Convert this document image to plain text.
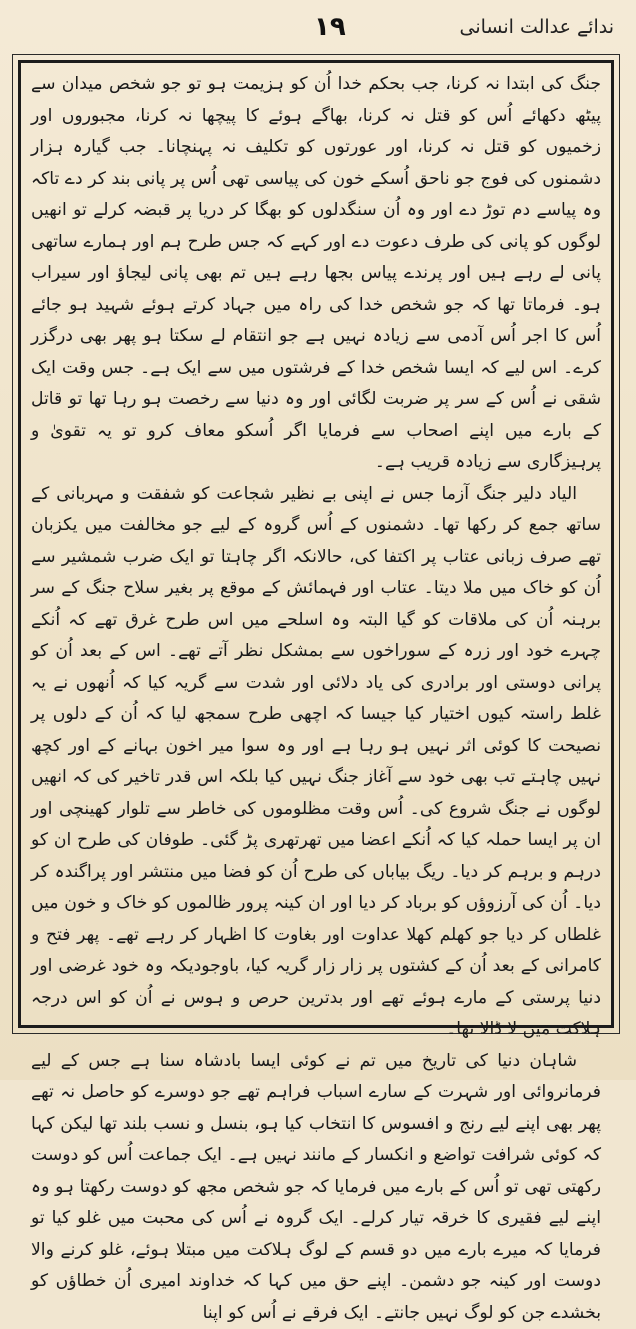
ندائے عدالت انسانی
١٩

جنگ کی ابتدا نہ کرنا، جب بحکم خدا اُن کو ہزیمت ہو تو جو شخص میدان سے پیٹھ دکھائے اُس کو قتل نہ کرنا، بھاگے ہوئے کا پیچھا نہ کرنا، مجبوروں اور زخمیوں کو قتل نہ کرنا، اور عورتوں کو تکلیف نہ پہنچانا۔ جب گیارہ ہزار دشمنوں کی فوج جو ناحق اُسکے خون کی پیاسی تھی اُس پر پانی بند کر دے تاکہ وہ پیاسے دم توڑ دے اور وہ اُن سنگدلوں کو بھگا کر دریا پر قبضہ کرلے تو انھیں لوگوں کو پانی کی طرف دعوت دے اور کہے کہ جس طرح ہم اور ہمارے ساتھی پانی لے رہے ہیں اور پرندے پیاس بجھا رہے ہیں تم بھی پانی لیجاؤ اور سیراب ہو۔ فرماتا تھا کہ جو شخص خدا کی راہ میں جہاد کرتے ہوئے شہید ہو جائے اُس کا اجر اُس آدمی سے زیادہ نہیں ہے جو انتقام لے سکتا ہو پھر بھی درگزر کرے۔ اس لیے کہ ایسا شخص خدا کے فرشتوں میں سے ایک ہے۔ جس وقت ایک شقی نے اُس کے سر پر ضربت لگائی اور وہ دنیا سے رخصت ہو رہا تھا تو قاتل کے بارے میں اپنے اصحاب سے فرمایا اگر اُسکو معاف کرو تو یہ تقویٰ و پرہیزگاری سے زیادہ قریب ہے۔

الیاد دلیر جنگ آزما جس نے اپنی بے نظیر شجاعت کو شفقت و مہربانی کے ساتھ جمع کر رکھا تھا۔ دشمنوں کے اُس گروہ کے لیے جو مخالفت میں یکزبان تھے صرف زبانی عتاب پر اکتفا کی، حالانکہ اگر چاہتا تو ایک ضرب شمشیر سے اُن کو خاک میں ملا دیتا۔ عتاب اور فہمائش کے موقع پر بغیر سلاح جنگ کے سر برہنہ اُن کی ملاقات کو گیا البتہ وہ اسلحے میں اس طرح غرق تھے کہ اُنکے چہرے خود اور زرہ کے سوراخوں سے بمشکل نظر آتے تھے۔ اس کے بعد اُن کو پرانی دوستی اور برادری کی یاد دلائی اور شدت سے گریہ کیا کہ اُنھوں نے یہ غلط راستہ کیوں اختیار کیا جیسا کہ اچھی طرح سمجھ لیا کہ اُن کے دلوں پر نصیحت کا کوئی اثر نہیں ہو رہا ہے اور وہ سوا میر اخون بہانے کے اور کچھ نہیں چاہتے تب بھی خود سے آغاز جنگ نہیں کیا بلکہ اس قدر تاخیر کی کہ انھیں لوگوں نے جنگ شروع کی۔ اُس وقت مظلوموں کی خاطر سے تلوار کھینچی اور ان پر ایسا حملہ کیا کہ اُنکے اعضا میں تھرتھری پڑ گئی۔ طوفان کی طرح ان کو درہم و برہم کر دیا۔ ریگ بیاباں کی طرح اُن کو فضا میں منتشر اور پراگندہ کر دیا۔ اُن کی آرزوؤں کو برباد کر دیا اور ان کینہ پرور ظالموں کو خاک و خون میں غلطاں کر دیا جو کھلم کھلا عداوت اور بغاوت کا اظہار کر رہے تھے۔ پھر فتح و کامرانی کے بعد اُن کے کشتوں پر زار زار گریہ کیا، باوجودیکہ وہ خود غرضی اور دنیا پرستی کے مارے ہوئے تھے اور بدترین حرص و ہوس نے اُن کو اس درجہ ہلاکت میں لا ڈالا تھا۔

شاہان دنیا کی تاریخ میں تم نے کوئی ایسا بادشاہ سنا ہے جس کے لیے فرمانروائی اور شہرت کے سارے اسباب فراہم تھے جو دوسرے کو حاصل نہ تھے پھر بھی اپنے لیے رنج و افسوس کا انتخاب کیا ہو، بنسل و نسب بلند تھا لیکن کہا کہ کوئی شرافت تواضع و انکسار کے مانند نہیں ہے۔ ایک جماعت اُس کو دوست رکھتی تھی تو اُس کے بارے میں فرمایا کہ جو شخص مجھ کو دوست رکھتا ہو وہ اپنے لیے فقیری کا خرقہ تیار کرلے۔ ایک گروہ نے اُس کی محبت میں غلو کیا تو فرمایا کہ میرے بارے میں دو قسم کے لوگ ہلاکت میں مبتلا ہوئے، غلو کرنے والا دوست اور کینہ جو دشمن۔ اپنے حق میں کہا کہ خداوند امیری اُن خطاؤں کو بخشدے جن کو لوگ نہیں جانتے۔ ایک فرقے نے اُس کو اپنا
